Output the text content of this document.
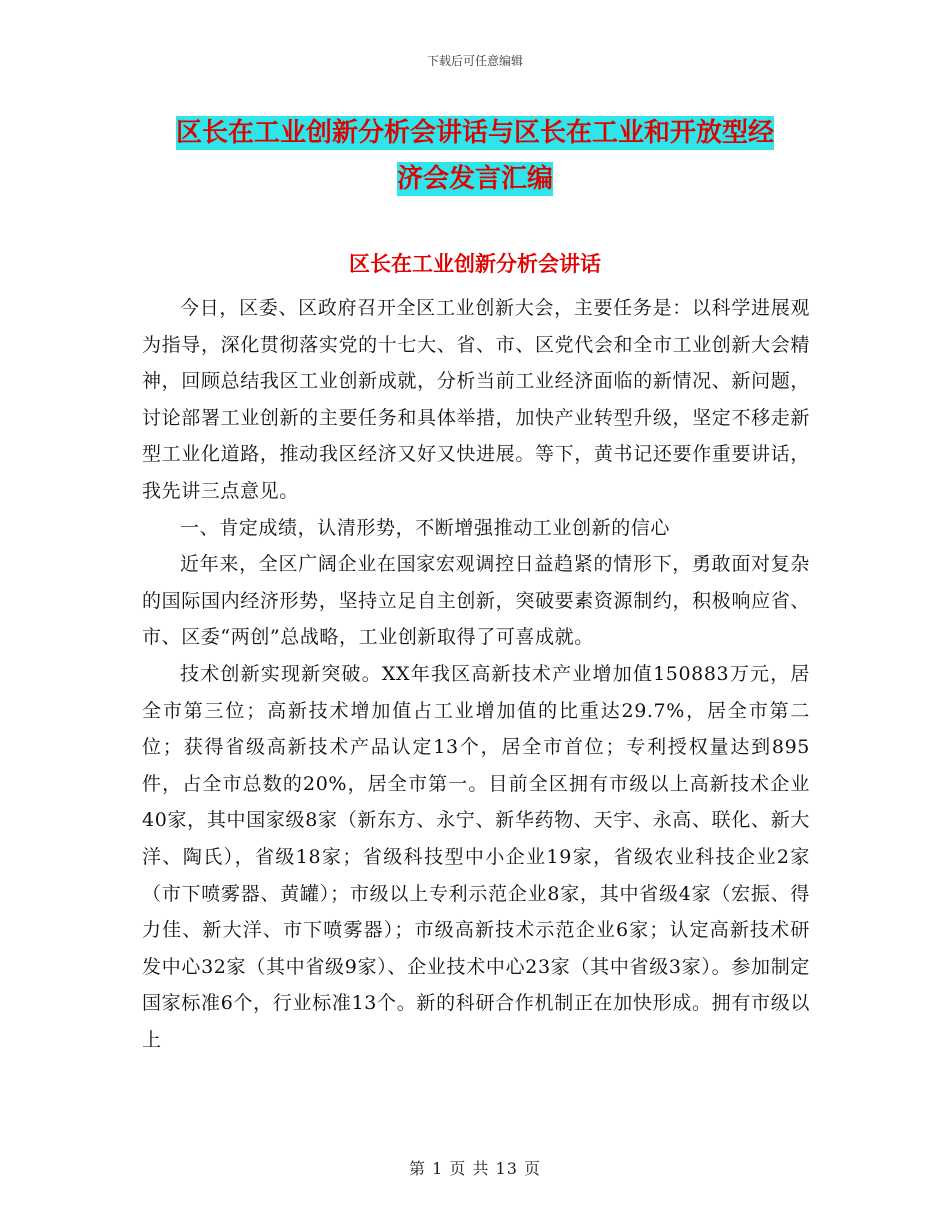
下载后可任意编辑
区长在工业创新分析会讲话与区长在工业和开放型经
济会发言汇编
区长在工业创新分析会讲话

今日，区委、区政府召开全区工业创新大会，主要任务是：以科学进展观为指导，深化贯彻落实党的十七大、省、市、区党代会和全市工业创新大会精神，回顾总结我区工业创新成就，分析当前工业经济面临的新情况、新问题，讨论部署工业创新的主要任务和具体举措，加快产业转型升级，坚定不移走新型工业化道路，推动我区经济又好又快进展。等下，黄书记还要作重要讲话，我先讲三点意见。

一、肯定成绩，认清形势，不断增强推动工业创新的信心

近年来，全区广阔企业在国家宏观调控日益趋紧的情形下，勇敢面对复杂的国际国内经济形势，坚持立足自主创新，突破要素资源制约，积极响应省、市、区委“两创”总战略，工业创新取得了可喜成就。

技术创新实现新突破。XX年我区高新技术产业增加值150883万元，居全市第三位；高新技术增加值占工业增加值的比重达29.7%，居全市第二位；获得省级高新技术产品认定13个，居全市首位；专利授权量达到895件，占全市总数的20%，居全市第一。目前全区拥有市级以上高新技术企业40家，其中国家级8家（新东方、永宁、新华药物、天宇、永高、联化、新大洋、陶氏），省级18家；省级科技型中小企业19家，省级农业科技企业2家（市下喷雾器、黄罐）；市级以上专利示范企业8家，其中省级4家（宏振、得力佳、新大洋、市下喷雾器）；市级高新技术示范企业6家；认定高新技术研发中心32家（其中省级9家）、企业技术中心23家（其中省级3家）。参加制定国家标准6个，行业标准13个。新的科研合作机制正在加快形成。拥有市级以上

第 1 页 共 13 页
